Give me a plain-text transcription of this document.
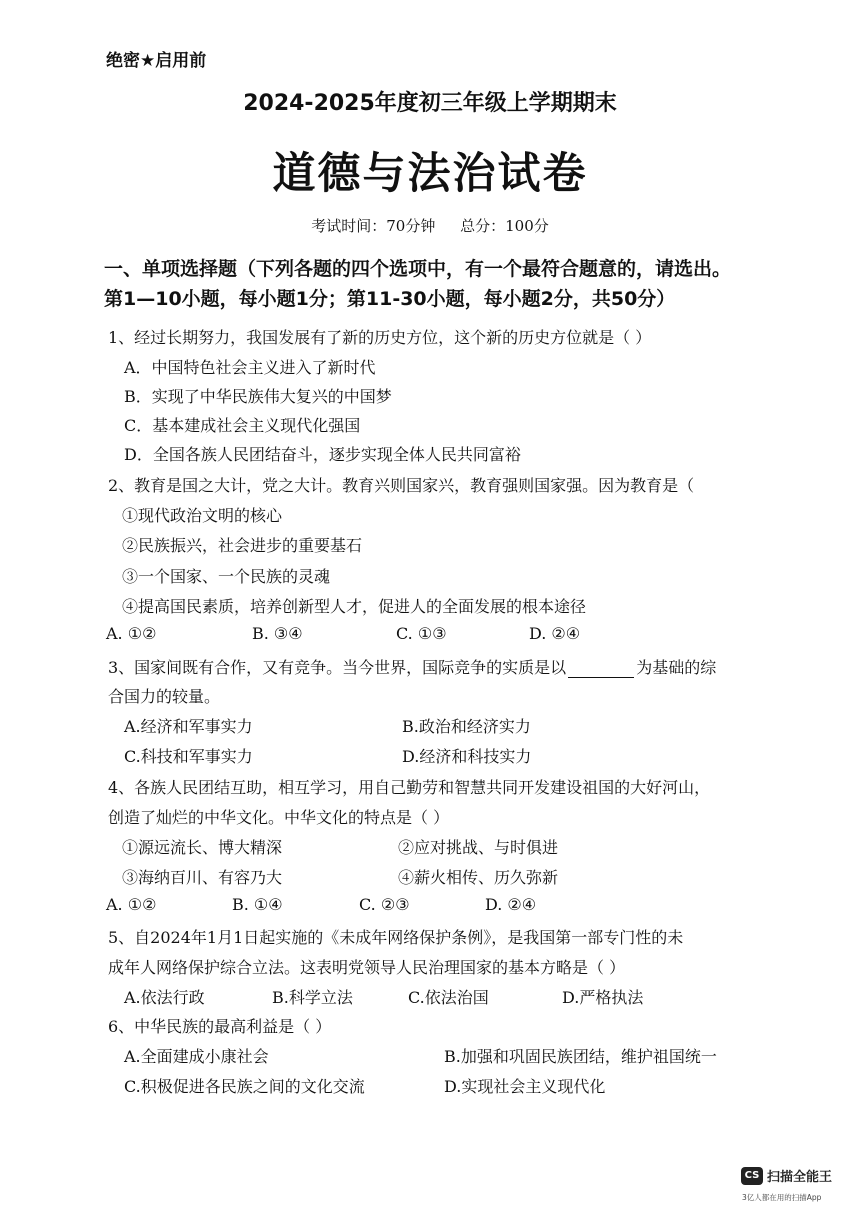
绝密★启用前
2024-2025年度初三年级上学期期末
道德与法治试卷
考试时间：70分钟 总分：100分
一、单项选择题（下列各题的四个选项中，有一个最符合题意的，请选出。
第1—10小题，每小题1分；第11-30小题，每小题2分，共50分）
1、经过长期努力，我国发展有了新的历史方位，这个新的历史方位就是（ ）
A．中国特色社会主义进入了新时代
B．实现了中华民族伟大复兴的中国梦
C．基本建成社会主义现代化强国
D．全国各族人民团结奋斗，逐步实现全体人民共同富裕
2、教育是国之大计，党之大计。教育兴则国家兴，教育强则国家强。因为教育是（
①现代政治文明的核心
②民族振兴，社会进步的重要基石
③一个国家、一个民族的灵魂
④提高国民素质，培养创新型人才，促进人的全面发展的根本途径
A. ①②	B. ③④	C. ①③	D. ②④
3、国家间既有合作，又有竞争。当今世界，国际竞争的实质是以	为基础的综
合国力的较量。
A.经济和军事实力	B.政治和经济实力
C.科技和军事实力	D.经济和科技实力
4、各族人民团结互助，相互学习，用自己勤劳和智慧共同开发建设祖国的大好河山，
创造了灿烂的中华文化。中华文化的特点是（ ）
①源远流长、博大精深	②应对挑战、与时俱进
③海纳百川、有容乃大	④薪火相传、历久弥新
A. ①②	B. ①④	C. ②③	D. ②④
5、自2024年1月1日起实施的《未成年网络保护条例》，是我国第一部专门性的未
成年人网络保护综合立法。这表明党领导人民治理国家的基本方略是（ ）
A.依法行政	B.科学立法	C.依法治国	D.严格执法
6、中华民族的最高利益是（ ）
A.全面建成小康社会	B.加强和巩固民族团结，维护祖国统一
C.积极促进各民族之间的文化交流	D.实现社会主义现代化
CS 扫描全能王
3亿人都在用的扫描App
